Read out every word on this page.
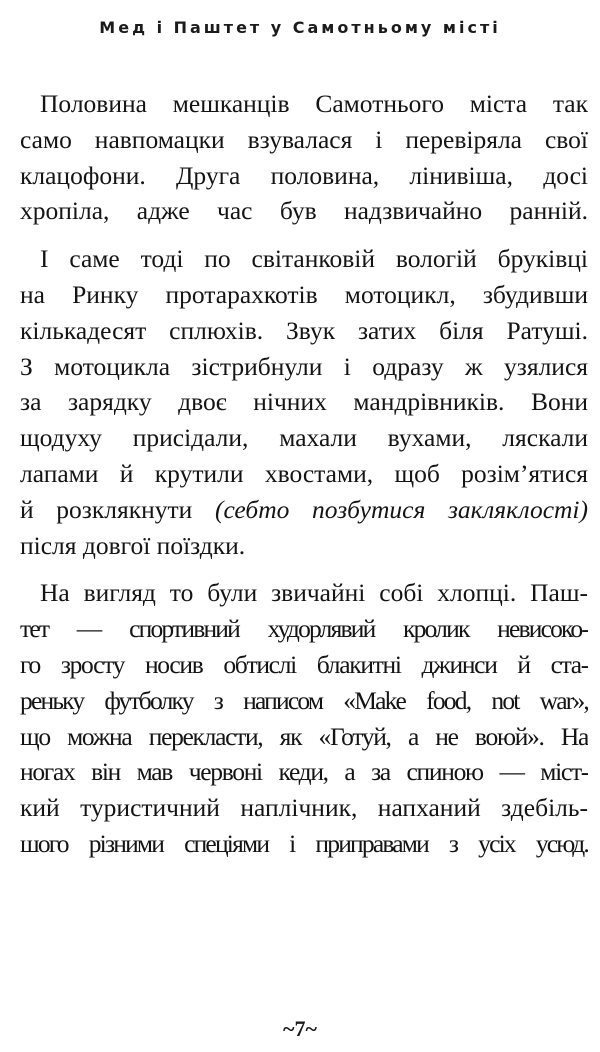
Мед і Паштет у Самотньому місті
Половина мешканців Самотнього міста так
само навпомацки взувалася і перевіряла свої
клацофони. Друга половина, лінивіша, досі
хропіла, адже час був надзвичайно ранній.
І саме тоді по світанковій вологій бруківці
на Ринку протарахкотів мотоцикл, збудивши
кількадесят сплюхів. Звук затих біля Ратуші.
З мотоцикла зістрибнули і одразу ж узялися
за зарядку двоє нічних мандрівників. Вони
щодуху присідали, махали вухами, ляскали
лапами й крутили хвостами, щоб розім’ятися
й розклякнути (себто позбутися закляклості)
після довгої поїздки.
На вигляд то були звичайні собі хлопці. Паш-
тет — спортивний худорлявий кролик невисоко-
го зросту носив обтислі блакитні джинси й ста-
реньку футболку з написом «Make food, not war»,
що можна перекласти, як «Готуй, а не воюй». На
ногах він мав червоні кеди, а за спиною — міст-
кий туристичний наплічник, напханий здебіль-
шого різними спеціями і приправами з усіх усюд.
~7~
